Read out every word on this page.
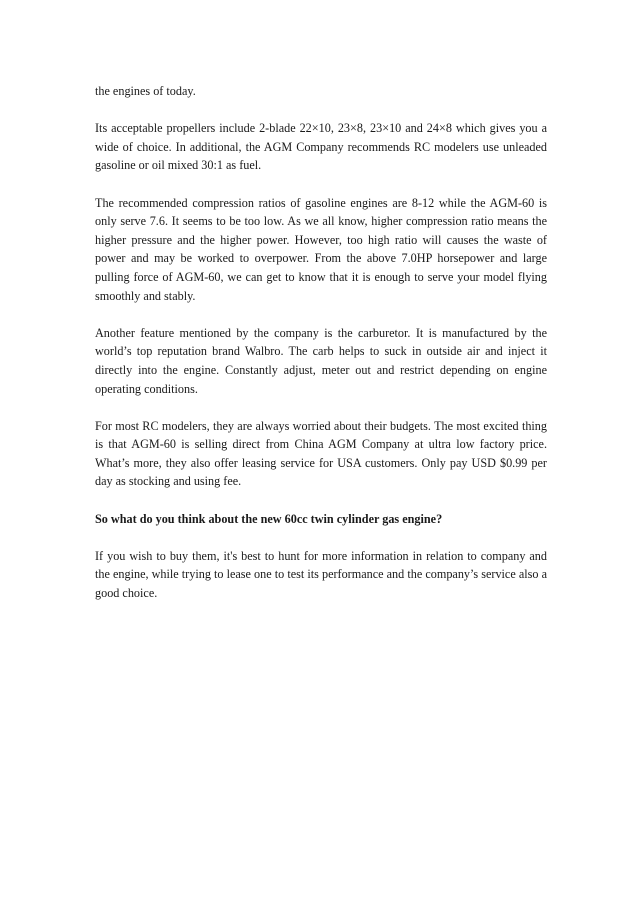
the engines of today.

Its acceptable propellers include 2-blade 22×10, 23×8, 23×10 and 24×8 which gives you a wide of choice. In additional, the AGM Company recommends RC modelers use unleaded gasoline or oil mixed 30:1 as fuel.

The recommended compression ratios of gasoline engines are 8-12 while the AGM-60 is only serve 7.6. It seems to be too low. As we all know, higher compression ratio means the higher pressure and the higher power. However, too high ratio will causes the waste of power and may be worked to overpower. From the above 7.0HP horsepower and large pulling force of AGM-60, we can get to know that it is enough to serve your model flying smoothly and stably.

Another feature mentioned by the company is the carburetor. It is manufactured by the world’s top reputation brand Walbro. The carb helps to suck in outside air and inject it directly into the engine. Constantly adjust, meter out and restrict depending on engine operating conditions.

For most RC modelers, they are always worried about their budgets. The most excited thing is that AGM-60 is selling direct from China AGM Company at ultra low factory price. What’s more, they also offer leasing service for USA customers. Only pay USD $0.99 per day as stocking and using fee.

So what do you think about the new 60cc twin cylinder gas engine?

If you wish to buy them, it's best to hunt for more information in relation to company and the engine, while trying to lease one to test its performance and the company’s service also a good choice.
